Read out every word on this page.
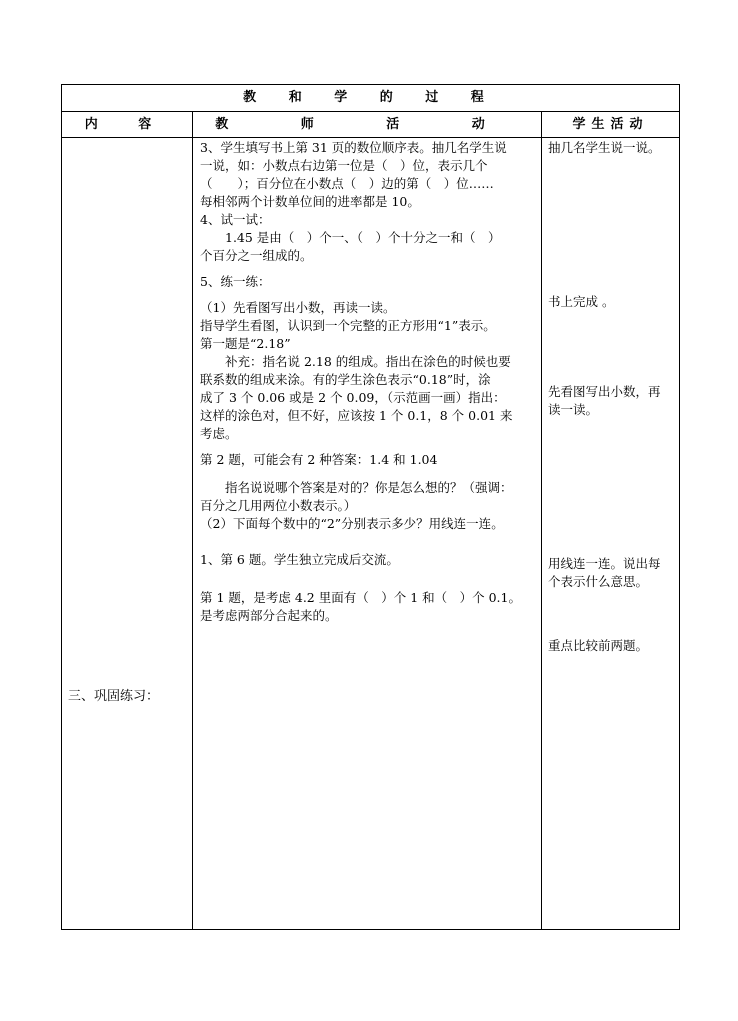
教 和 学 的 过 程
内 容	教 师 活 动	学生活动

三、巩固练习：

3、学生填写书上第 31 页的数位顺序表。抽几名学生说

一说，如：小数点右边第一位是（　）位，表示几个

（　　）；百分位在小数点（　）边的第（　）位……

每相邻两个计数单位间的进率都是 10。

4、试一试：

　　1.45 是由（　）个一、（　）个十分之一和（　）

个百分之一组成的。

5、练一练：

（1）先看图写出小数，再读一读。

指导学生看图，认识到一个完整的正方形用“1”表示。

第一题是“2.18”

　　补充：指名说 2.18 的组成。指出在涂色的时候也要

联系数的组成来涂。有的学生涂色表示“0.18”时，涂

成了 3 个 0.06 或是 2 个 0.09，（示范画一画）指出：

这样的涂色对，但不好，应该按 1 个 0.1，8 个 0.01 来

考虑。

第 2 题，可能会有 2 种答案：1.4 和 1.04

　　指名说说哪个答案是对的？你是怎么想的？（强调：

百分之几用两位小数表示。）

（2）下面每个数中的“2”分别表示多少？用线连一连。

1、第 6 题。学生独立完成后交流。

第 1 题，是考虑 4.2 里面有（　）个 1 和（　）个 0.1。

是考虑两部分合起来的。

抽几名学生说一说。

书上完成 。

先看图写出小数，再

读一读。

用线连一连。说出每

个表示什么意思。

重点比较前两题。
